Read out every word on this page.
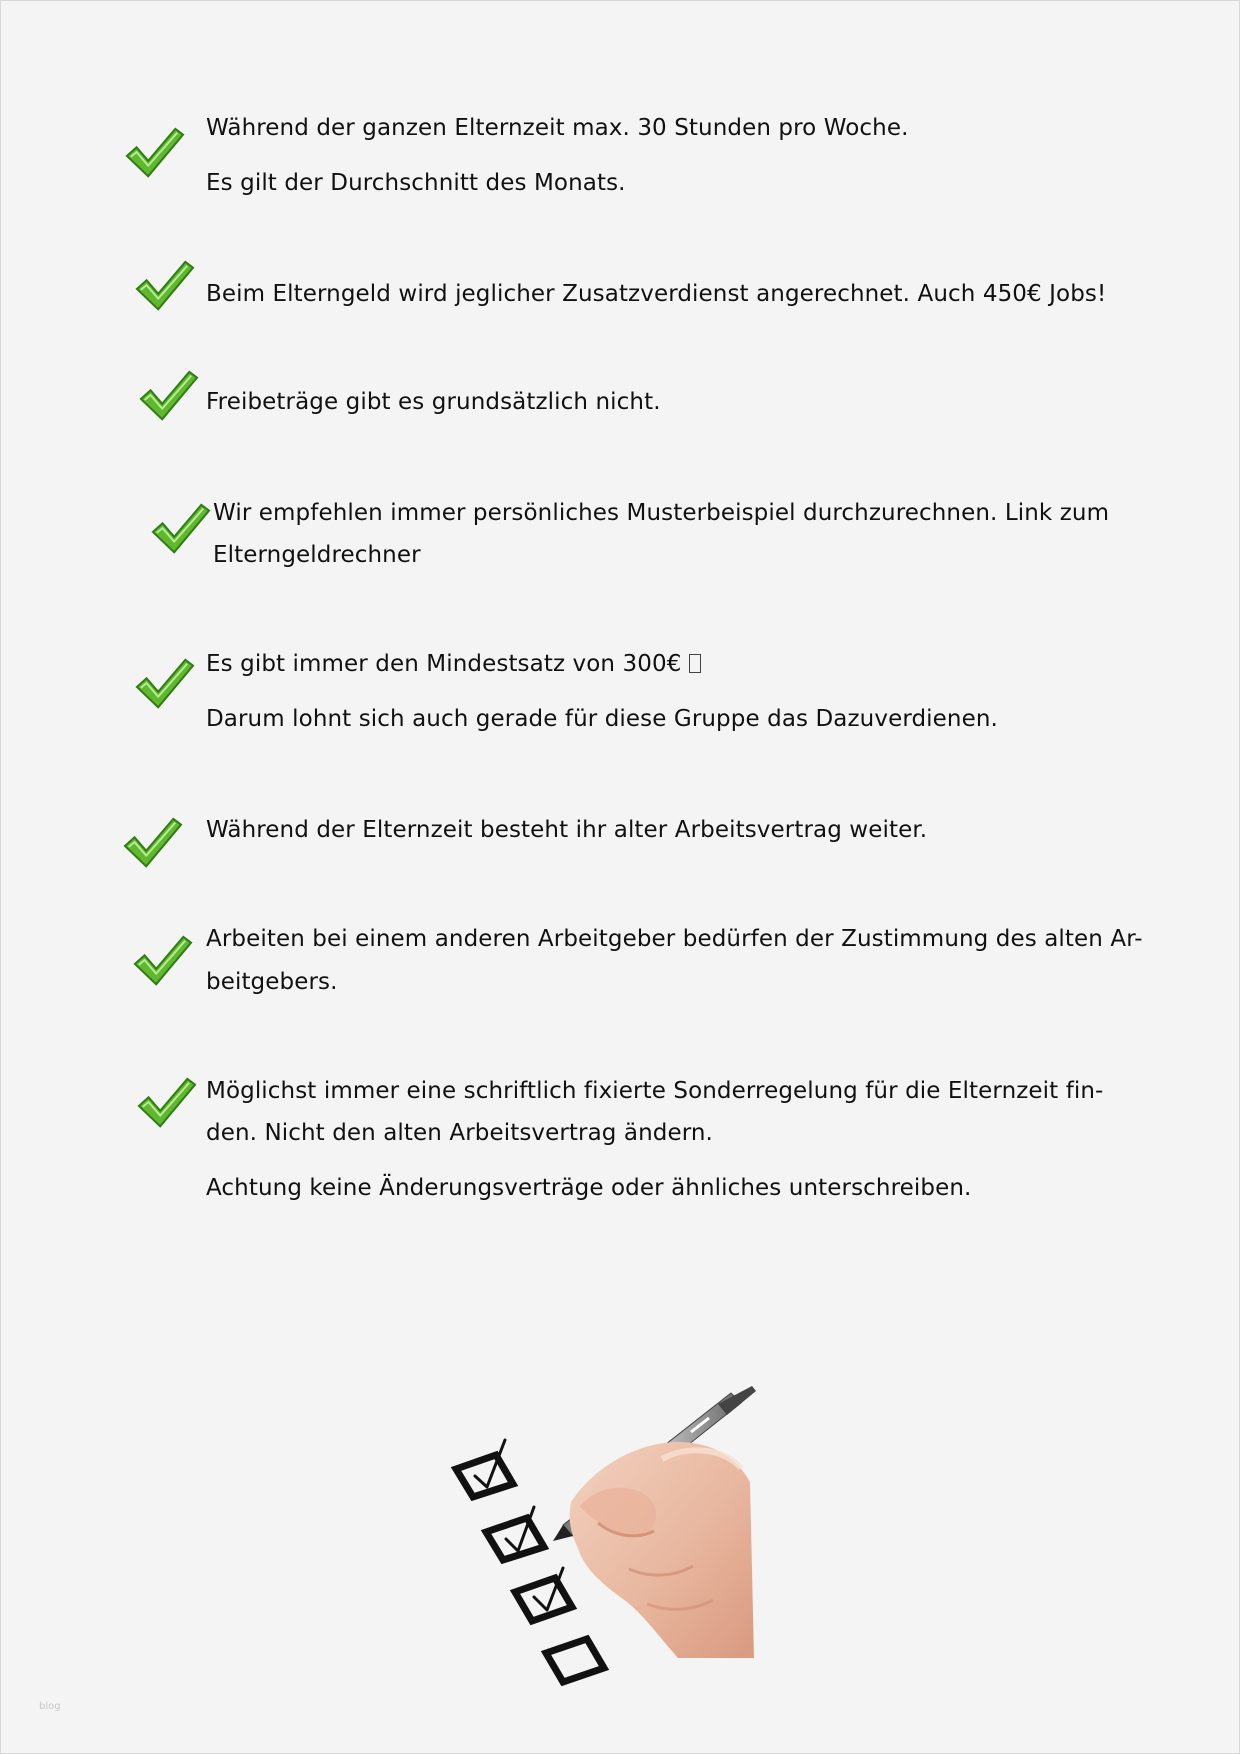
Während der ganzen Elternzeit max. 30 Stunden pro Woche.
Es gilt der Durchschnitt des Monats.
Beim Elterngeld wird jeglicher Zusatzverdienst angerechnet. Auch 450€ Jobs!
Freibeträge gibt es grundsätzlich nicht.
Wir empfehlen immer persönliches Musterbeispiel durchzurechnen. Link zum
Elterngeldrechner
Es gibt immer den Mindestsatz von 300€
Darum lohnt sich auch gerade für diese Gruppe das Dazuverdienen.
Während der Elternzeit besteht ihr alter Arbeitsvertrag weiter.
Arbeiten bei einem anderen Arbeitgeber bedürfen der Zustimmung des alten Ar-
beitgebers.
Möglichst immer eine schriftlich fixierte Sonderregelung für die Elternzeit fin-
den. Nicht den alten Arbeitsvertrag ändern.
Achtung keine Änderungsverträge oder ähnliches unterschreiben.
blog
